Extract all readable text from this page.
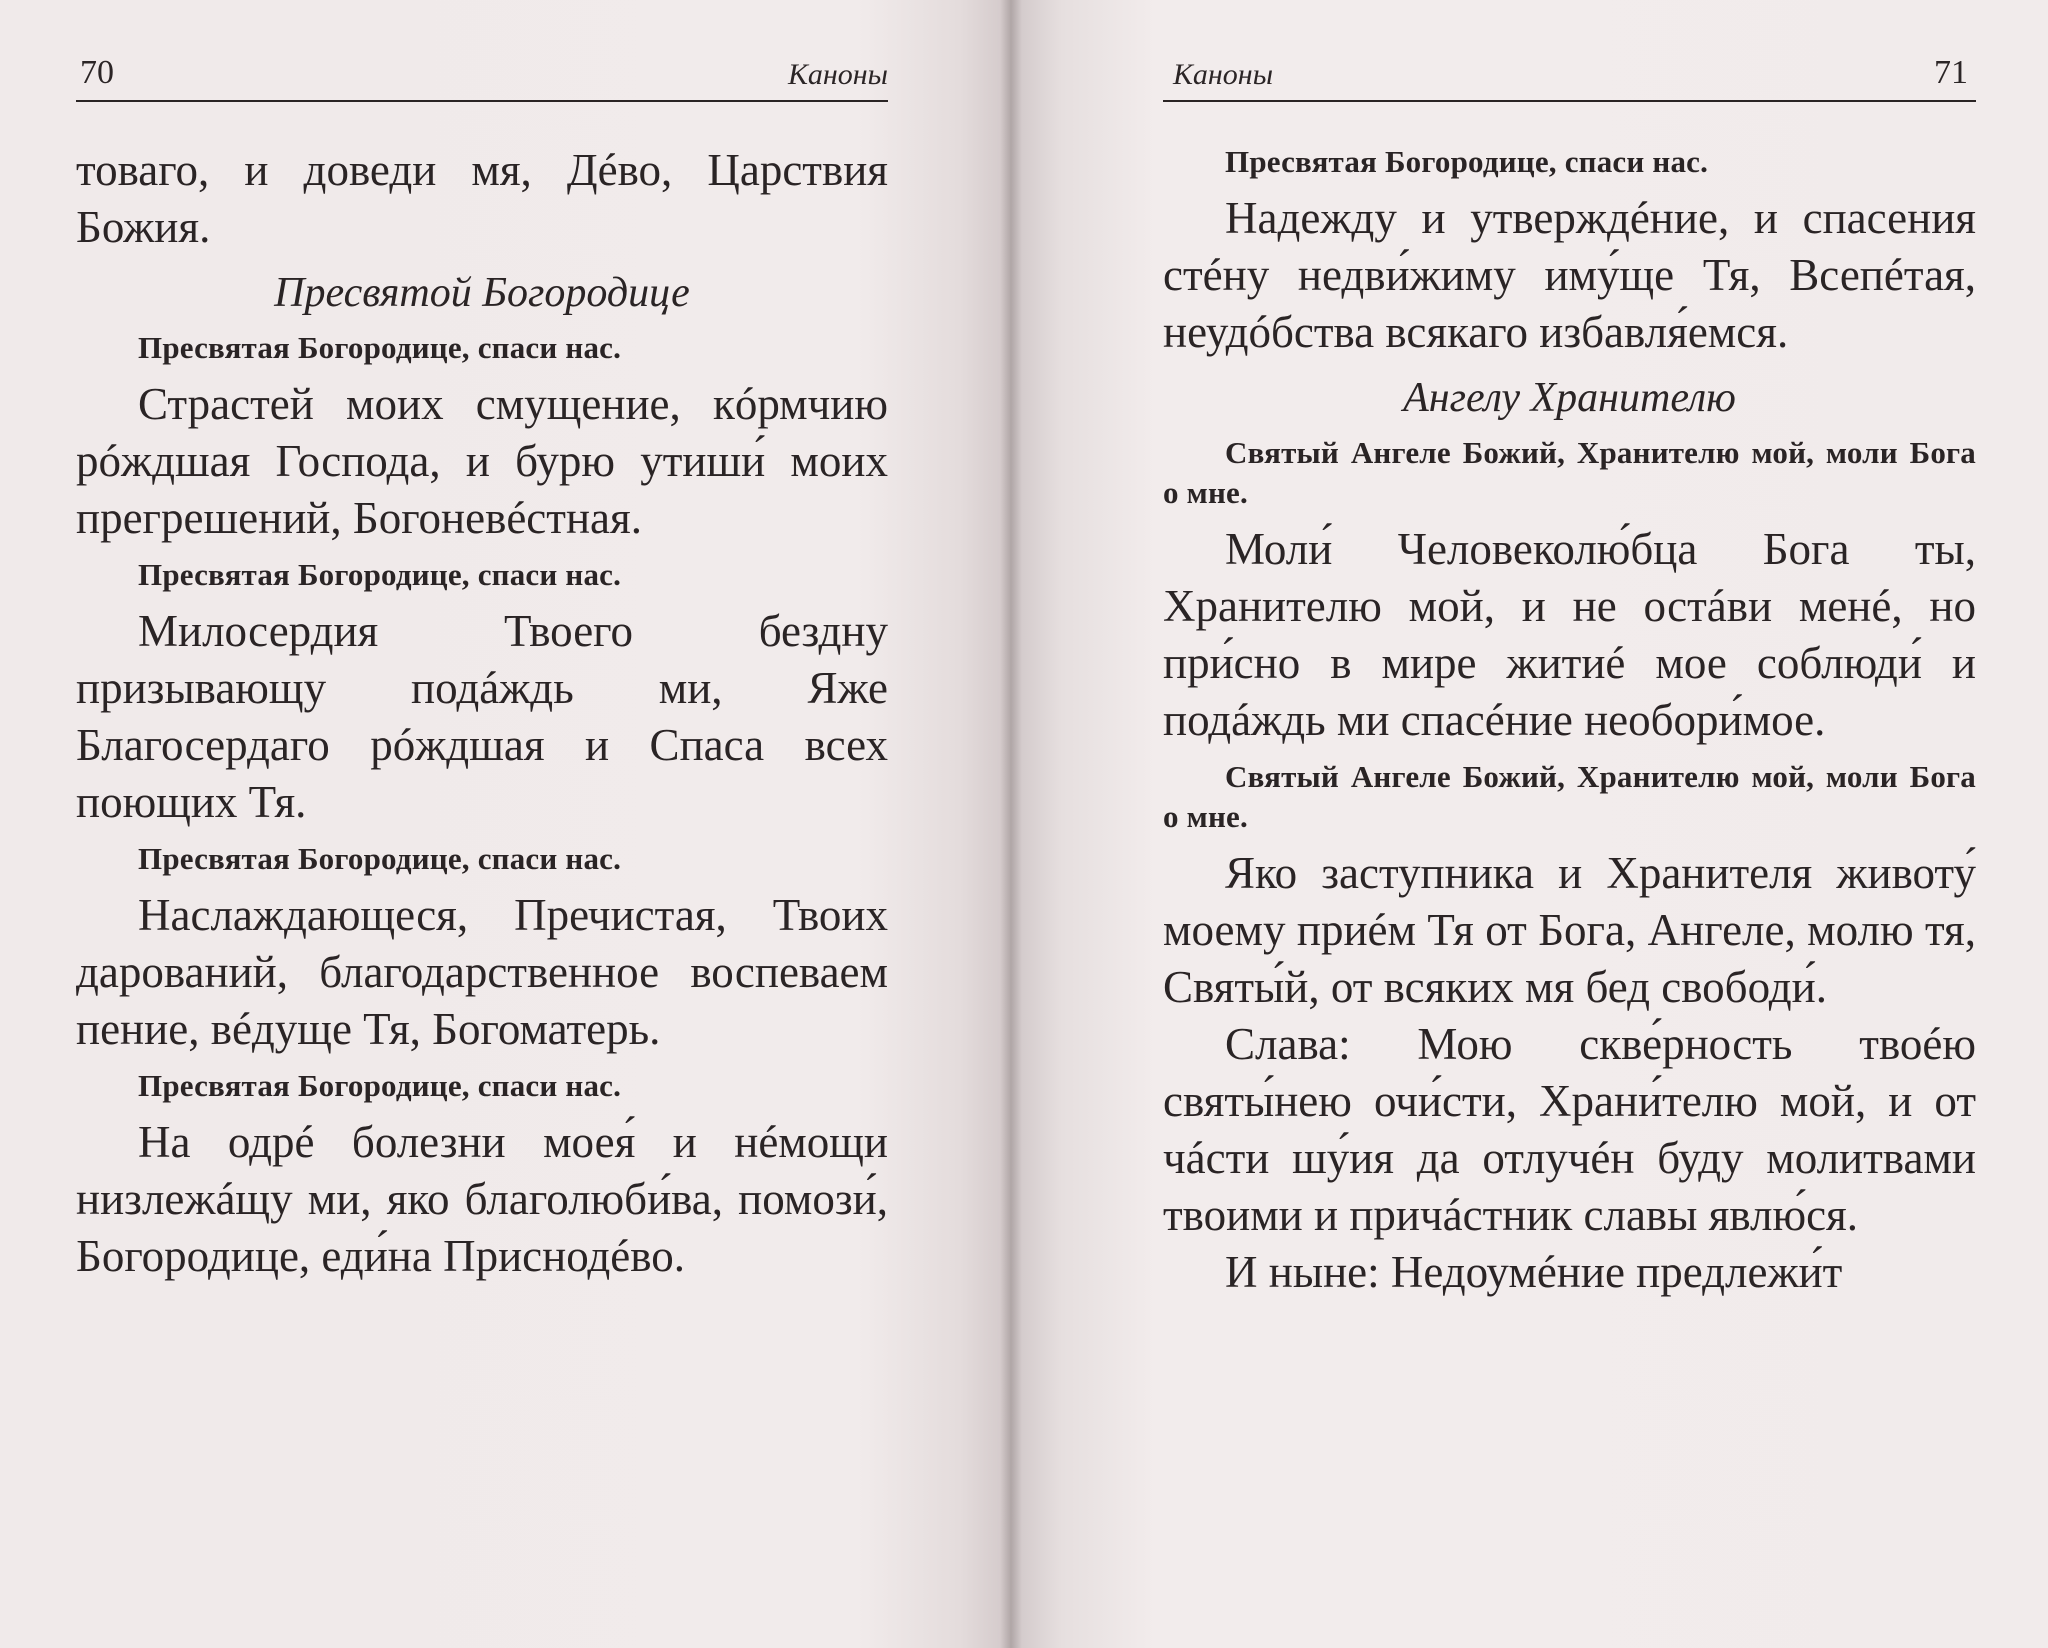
70	Каноны

товаго, и доведи мя, Дéво, Царствия Божия.

Пресвятой Богородице
Пресвятая Богородице, спаси нас.

Страстей моих смущение, кóрмчию рóждшая Господа, и бурю утиши́ моих прегрешений, Богоневéстная.

Пресвятая Богородице, спаси нас.

Милосердия Твоего бездну призывающу подáждь ми, Яже Благосердаго рóждшая и Спаса всех поющих Тя.

Пресвятая Богородице, спаси нас.

Наслаждающеся, Пречистая, Твоих дарований, благодарственное воспеваем пение, вéдуще Тя, Богоматерь.

Пресвятая Богородице, спаси нас.

На одрé болезни моея́ и нéмощи низлежáщу ми, яко благолюби́ва, помози́, Богородице, еди́на Приснодéво.

Каноны	71
Пресвятая Богородице, спаси нас.

Надежду и утверждéние, и спасения стéну недви́жиму иму́ще Тя, Всепéтая, неудóбства всякаго избавля́емся.

Ангелу Хранителю
Святый Ангеле Божий, Хранителю мой, моли Бога о мне.

Моли́ Человеколю́бца Бога ты, Хранителю мой, и не остáви менé, но при́сно в мире житиé мое соблюди́ и подáждь ми спасéние необори́мое.

Святый Ангеле Божий, Хранителю мой, моли Бога о мне.

Яко заступника и Хранителя животу́ моему приéм Тя от Бога, Ангеле, молю тя, Святы́й, от всяких мя бед свободи́.

Слава: Мою скве́рность твоéю святы́нею очи́сти, Храни́телю мой, и от чáсти шу́ия да отлучéн буду молитвами твоими и причáстник славы явлю́ся.

И ныне: Недоумéние предлежи́т
